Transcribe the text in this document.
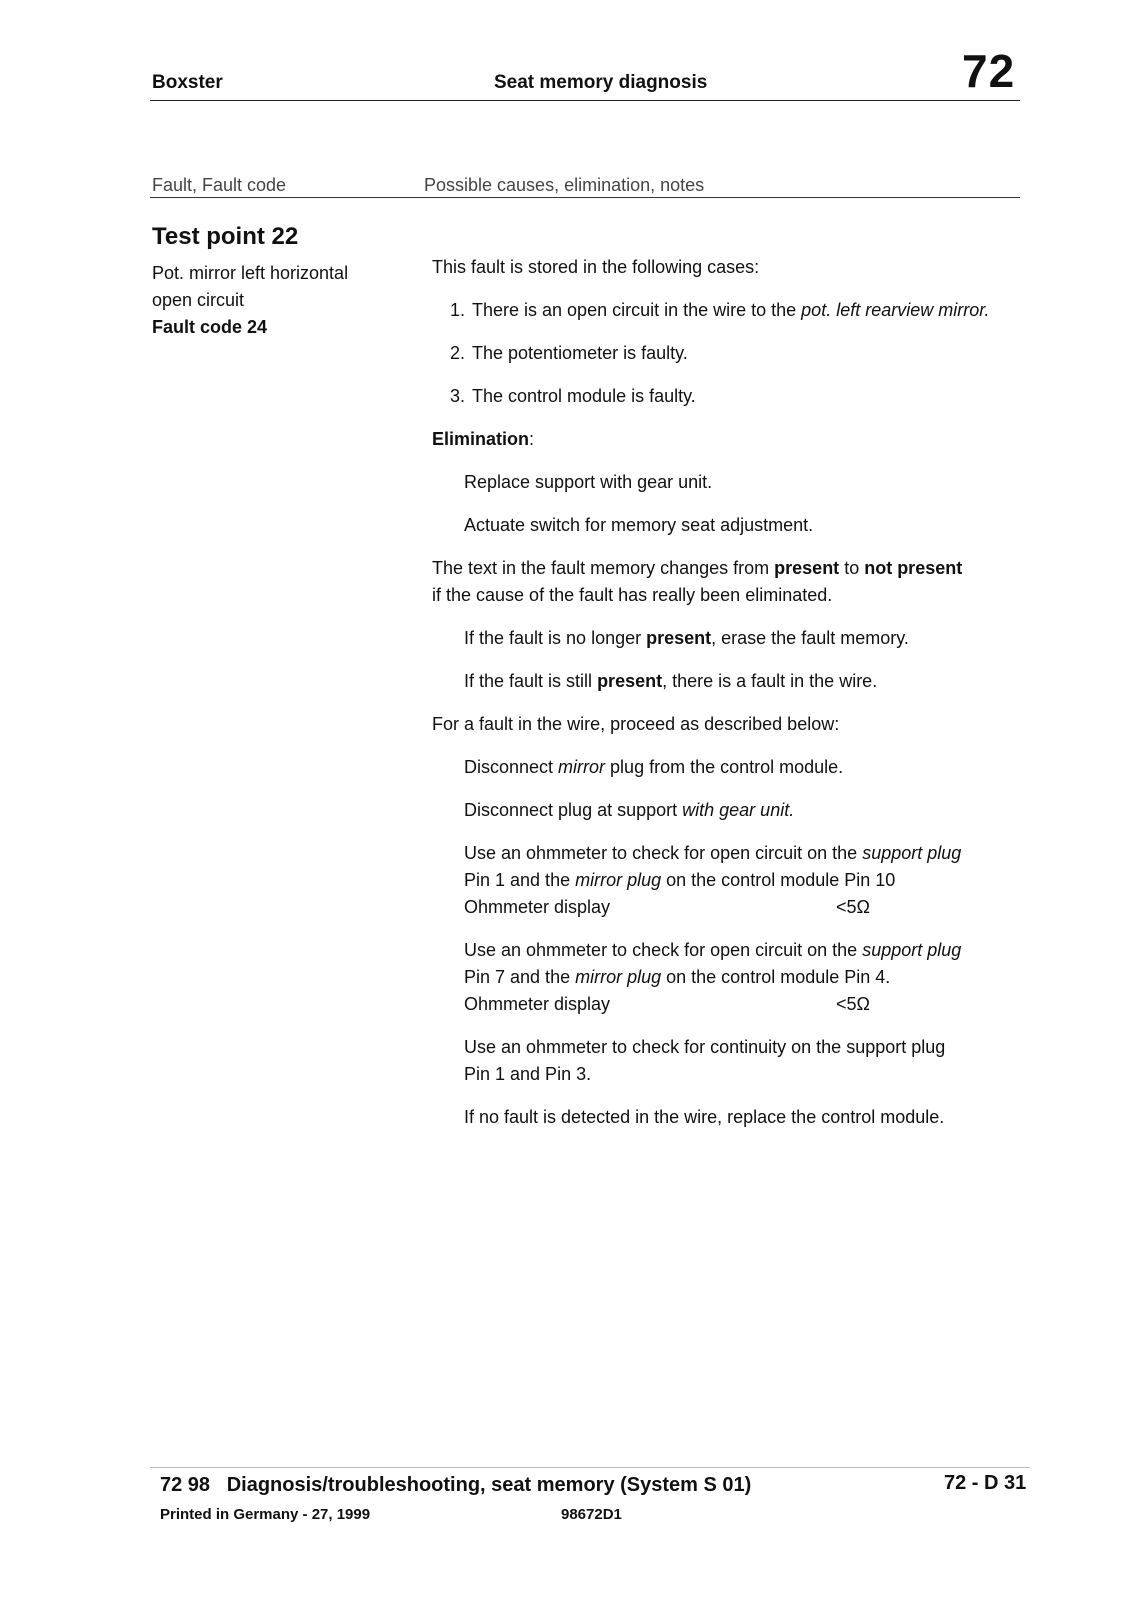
Boxster	Seat memory diagnosis	72
Fault, Fault code	Possible causes, elimination, notes
Test point 22
Pot. mirror left horizontal
open circuit
Fault code 24

This fault is stored in the following cases:

1. There is an open circuit in the wire to the pot. left rearview mirror.
2. The potentiometer is faulty.
3. The control module is faulty.

Elimination:

Replace support with gear unit.

Actuate switch for memory seat adjustment.

The text in the fault memory changes from present to not present
if the cause of the fault has really been eliminated.

If the fault is no longer present, erase the fault memory.

If the fault is still present, there is a fault in the wire.

For a fault in the wire, proceed as described below:

Disconnect mirror plug from the control module.

Disconnect plug at support with gear unit.

Use an ohmmeter to check for open circuit on the support plug
Pin 1 and the mirror plug on the control module Pin 10

Ohmmeter display	<5Ω

Use an ohmmeter to check for open circuit on the support plug
Pin 7 and the mirror plug on the control module Pin 4.

Ohmmeter display	<5Ω

Use an ohmmeter to check for continuity on the support plug
Pin 1 and Pin 3.

If no fault is detected in the wire, replace the control module.

72 98   Diagnosis/troubleshooting, seat memory (System S 01)	72 - D 31
Printed in Germany - 27, 1999	98672D1
